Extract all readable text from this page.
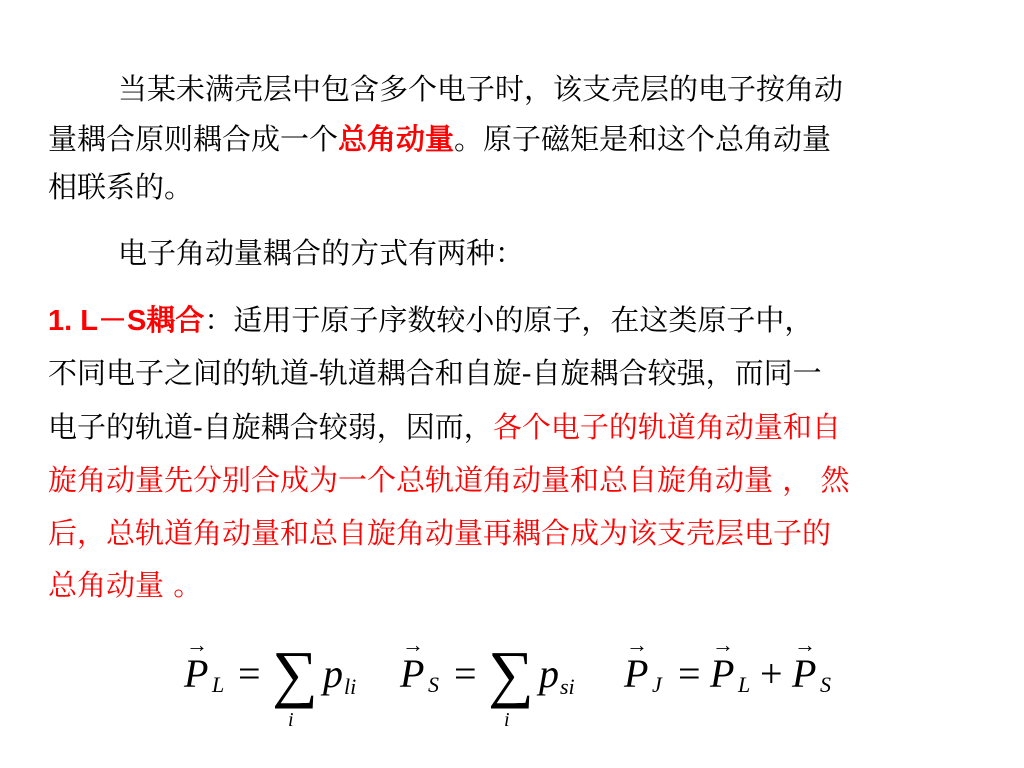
当某未满壳层中包含多个电子时，该支壳层的电子按角动
量耦合原则耦合成一个总角动量。原子磁矩是和这个总角动量
相联系的。
电子角动量耦合的方式有两种：
1. L－S耦合：适用于原子序数较小的原子，在这类原子中，
不同电子之间的轨道-轨道耦合和自旋-自旋耦合较强，而同一
电子的轨道-自旋耦合较弱，因而，各个电子的轨道角动量和自
旋角动量先分别合成为一个总轨道角动量和总自旋角动量 ， 然
后，总轨道角动量和总自旋角动量再耦合成为该支壳层电子的
总角动量 。
→
P L = ∑
i
p li
→
P S = ∑
i
p si
→
P J =
→
P L +
→
P S
